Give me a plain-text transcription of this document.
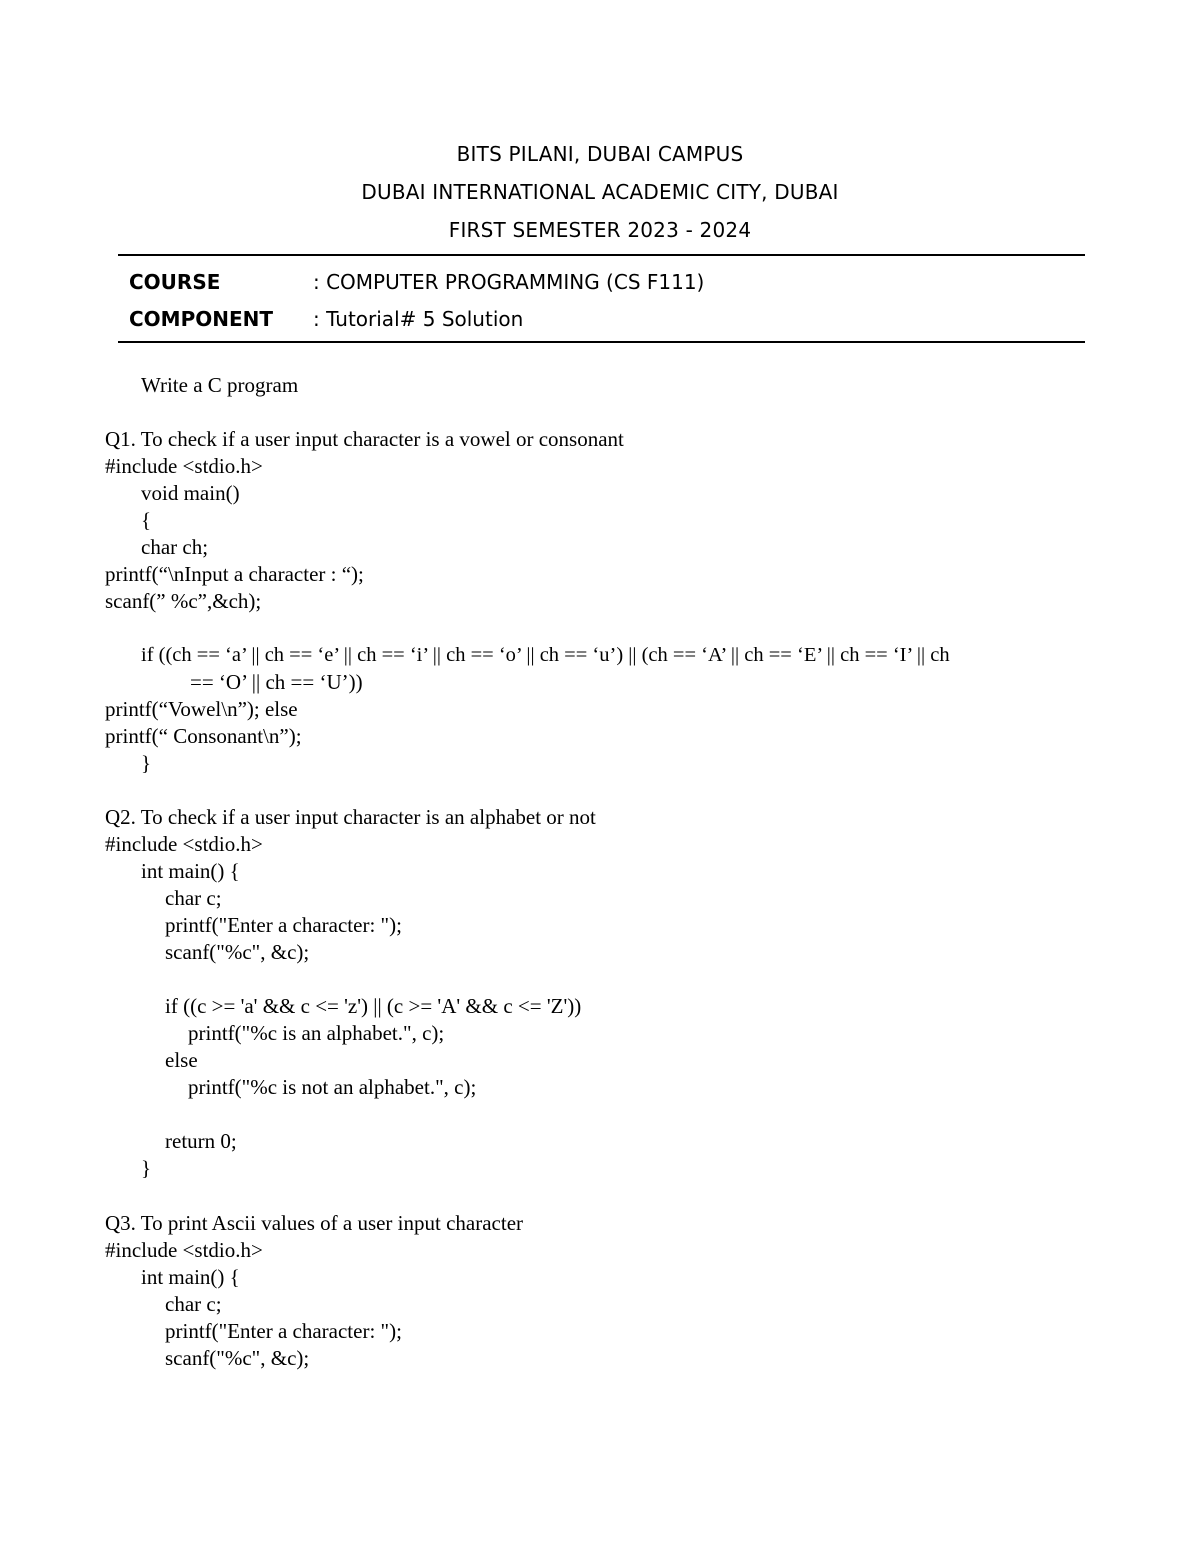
BITS PILANI, DUBAI CAMPUS
DUBAI INTERNATIONAL ACADEMIC CITY, DUBAI
FIRST SEMESTER 2023 - 2024
COURSE	: COMPUTER PROGRAMMING (CS F111)
COMPONENT : Tutorial# 5 Solution
Write a C program
Q1. To check if a user input character is a vowel or consonant
#include <stdio.h>
void main()
{
char ch;
printf(“\nInput a character : “);
scanf(” %c”,&ch);
if ((ch == ‘a’ || ch == ‘e’ || ch == ‘i’ || ch == ‘o’ || ch == ‘u’) || (ch == ‘A’ || ch == ‘E’ || ch == ‘I’ || ch
== ‘O’ || ch == ‘U’))
printf(“Vowel\n”); else
printf(“ Consonant\n”);
}
Q2. To check if a user input character is an alphabet or not
#include <stdio.h>
int main() {
char c;
printf("Enter a character: ");
scanf("%c", &c);
if ((c >= 'a' && c <= 'z') || (c >= 'A' && c <= 'Z'))
printf("%c is an alphabet.", c);
else
printf("%c is not an alphabet.", c);
return 0;
}
Q3. To print Ascii values of a user input character
#include <stdio.h>
int main() {
char c;
printf("Enter a character: ");
scanf("%c", &c);
